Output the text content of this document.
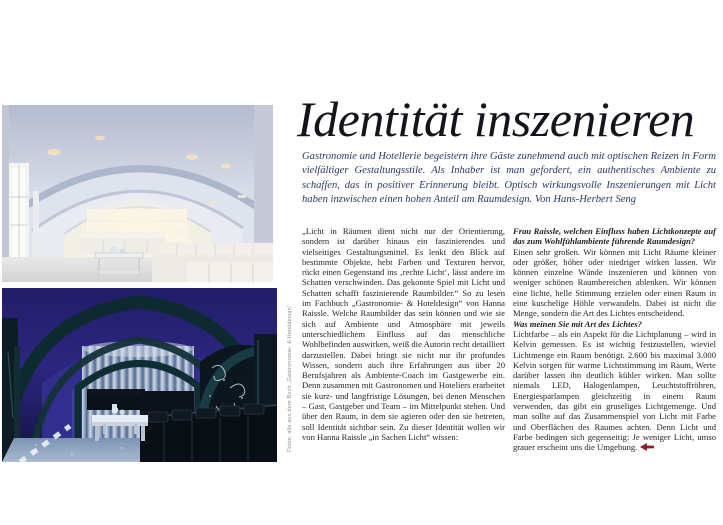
Fotos: alle aus dem Buch „Gastronomie- & Hoteldesign“
Identität inszenieren

Gastronomie und Hotellerie begeistern ihre Gäste zunehmend auch mit optischen Reizen in Form vielfältiger Gestaltungsstile. Als Inhaber ist man gefordert, ein authentisches Ambiente zu schaffen, das in positiver Erinnerung bleibt. Optisch wirkungsvolle Inszenierungen mit Licht haben inzwischen einen hohen Anteil am Raumdesign. Von Hans-Herbert Seng

„Licht in Räumen dient nicht nur der Orientierung, sondern ist darüber hinaus ein faszinierendes und vielseitiges Gestaltungsmittel. Es lenkt den Blick auf bestimmte Objekte, hebt Farben und Texturen hervor, rückt einen Gegenstand ins ‚rechte Licht‘, lässt andere im Schatten verschwinden. Das gekonnte Spiel mit Licht und Schatten schafft faszinierende Raumbilder.“ So zu lesen im Fachbuch „Gastronomie- & Hoteldesign“ von Hanna Raissle. Welche Raumbilder das sein können und wie sie sich auf Ambiente und Atmosphäre mit jeweils unterschiedlichem Einfluss auf das menschliche Wohlbefinden auswirken, weiß die Autorin recht detailliert darzustellen. Dabei bringt sie nicht nur ihr profundes Wissen, sondern auch ihre Erfahrungen aus über 20 Berufsjahren als Ambiente-Coach im Gastgewerbe ein. Denn zusammen mit Gastronomen und Hoteliers erarbeitet sie kurz- und langfristige Lösungen, bei denen Menschen – Gast, Gastgeber und Team – im Mittelpunkt stehen. Und über den Raum, in dem sie agieren oder den sie betreten, soll Identität sichtbar sein. Zu dieser Identität wollen wir von Hanna Raissle „in Sachen Licht“ wissen:

Frau Raissle, welchen Einfluss haben Lichtkonzepte auf das zum Wohlfühlambiente führende Raumdesign?

Einen sehr großen. Wir können mit Licht Räume kleiner oder größer, höher oder niedriger wirken lassen. Wir können einzelne Wände inszenieren und können von weniger schönen Raumbereichen ablenken. Wir können eine lichte, helle Stimmung erzielen oder einen Raum in eine kuschelige Höhle verwandeln. Dabei ist nicht die Menge, sondern die Art des Lichtes entscheidend.

Was meinen Sie mit Art des Lichtes?

Lichtfarbe – als ein Aspekt für die Lichtplanung – wird in Kelvin gemessen. Es ist wichtig festzustellen, wieviel Lichtmenge ein Raum benötigt. 2.600 bis maximal 3.000 Kelvin sorgen für warme Lichtstimmung im Raum, Werte darüber lassen ihn deutlich kühler wirken. Man sollte niemals LED, Halogenlampen, Leuchtstoffröhren, Energiesparlampen gleichzeitig in einem Raum verwenden, das gibt ein gruseliges Lichtgemenge. Und man sollte auf das Zusammenspiel von Licht mit Farbe und Oberflächen des Raumes achten. Denn Licht und Farbe bedingen sich gegenseitig: Je weniger Licht, umso grauer erscheint uns die Umgebung.
